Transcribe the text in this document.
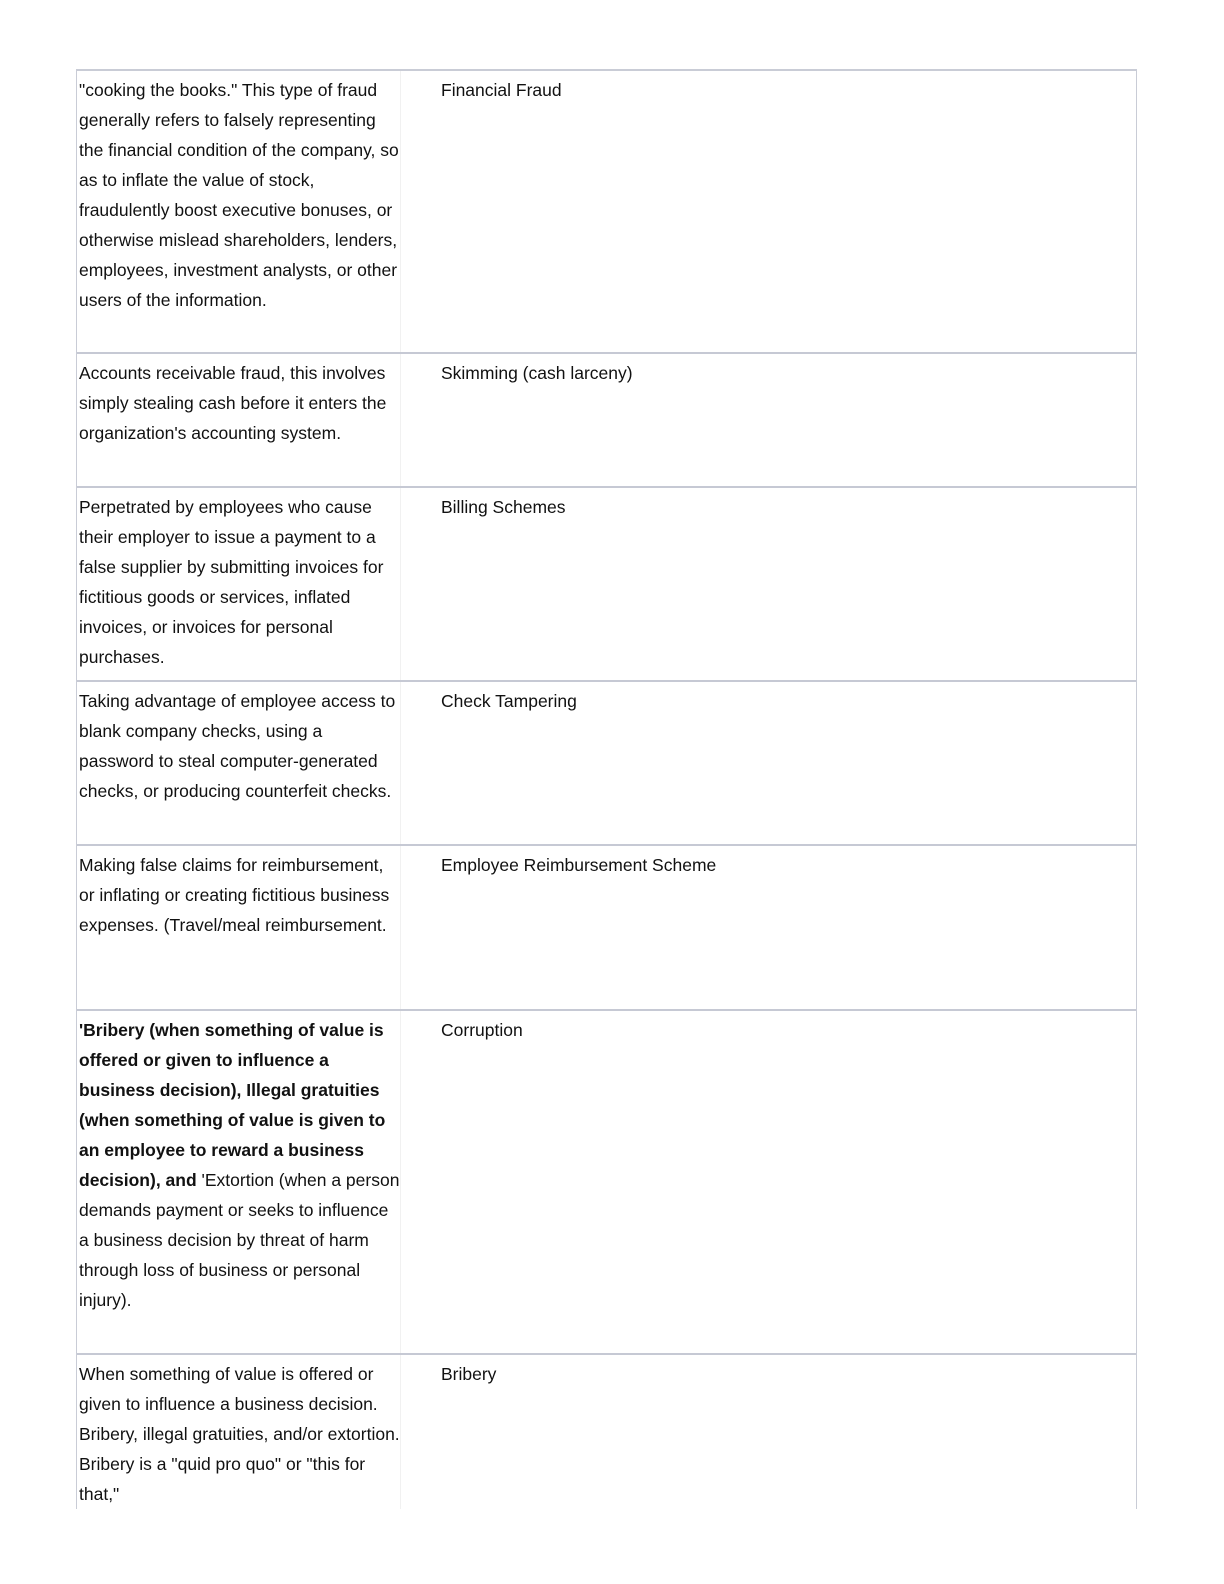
"cooking the books." This type of fraud generally refers to falsely representing the financial condition of the company, so as to inflate the value of stock, fraudulently boost executive bonuses, or otherwise mislead shareholders, lenders, employees, investment analysts, or other users of the information.
Financial Fraud
Accounts receivable fraud, this involves simply stealing cash before it enters the organization's accounting system.
Skimming (cash larceny)
Perpetrated by employees who cause their employer to issue a payment to a false supplier by submitting invoices for fictitious goods or services, inflated invoices, or invoices for personal purchases.
Billing Schemes
Taking advantage of employee access to blank company checks, using a password to steal computer-generated checks, or producing counterfeit checks.
Check Tampering
Making false claims for reimbursement, or inflating or creating fictitious business expenses. (Travel/meal reimbursement.
Employee Reimbursement Scheme
'Bribery (when something of value is offered or given to influence a business decision), Illegal gratuities (when something of value is given to an employee to reward a business decision), and 'Extortion (when a person demands payment or seeks to influence a business decision by threat of harm through loss of business or personal injury).
Corruption
When something of value is offered or given to influence a business decision. Bribery, illegal gratuities, and/or extortion. Bribery is a "quid pro quo" or "this for that,"
Bribery
